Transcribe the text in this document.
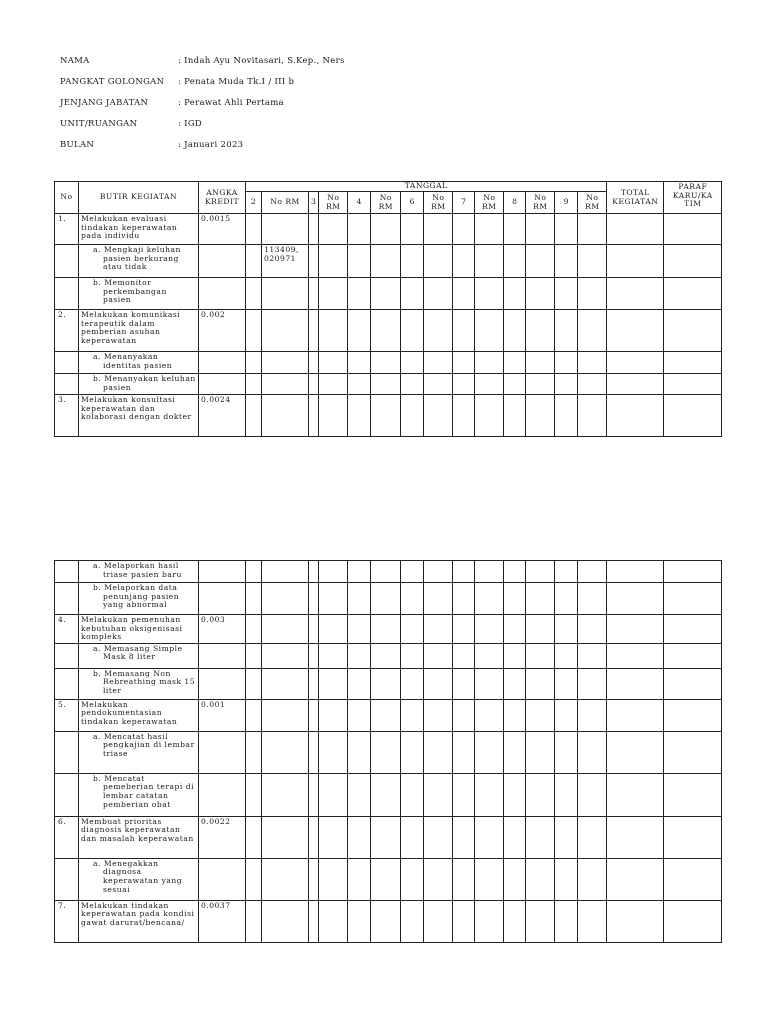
NAMA	: Indah Ayu Novitasari, S.Kep., Ners
PANGKAT GOLONGAN : Penata Muda Tk.I / III b
JENJANG JABATAN	: Perawat Ahli Pertama
UNIT/RUANGAN	: IGD
BULAN	: Januari 2023
No	BUTIR KEGIATAN	ANGKA KREDIT	TANGGAL														TOTAL KEGIATAN	PARAF KARU/KA TIM
			2	No RM	3	No RM	4	No RM	6	No RM	7	No RM	8	No RM	9	No RM		
1.	Melakukan evaluasi tindakan keperawatan pada individu	0.0015																

	a. Mengkaji keluhan pasien berkurang atau tidak			113409, 020971														

	b. Memonitor perkembangan pasien																	

2.	Melakukan komunikasi terapeutik dalam pemberian asuhan keperawatan	0.002																

	a. Menanyakan identitas pasien																	

	b. Menanyakan keluhan pasien																	

3.	Melakukan konsultasi keperawatan dan kolaborasi dengan dokter	0.0024																

	a. Melaporkan hasil triase pasien baru																	

	b. Melaporkan data penunjang pasien yang abnormal																	

4.	Melakukan pemenuhan kebutuhan oksigenisasi kompleks	0.003																

	a. Memasang Simple Mask 8 liter																	

	b. Memasang Non Rebreathing mask 15 liter																	

5.	Melakukan pendokumentasian tindakan keperawatan	0.001																

	a. Mencatat hasil pengkajian di lembar triase																	

	b. Mencatat pemeberian terapi di lembar catatan pemberian obat																	

6.	Membuat prioritas diagnosis keperawatan dan masalah keperawatan	0.0022																

	a. Menegakkan diagnosa keperawatan yang sesuai																	

7.	Melakukan tindakan keperawatan pada kondisi gawat darurat/bencana/	0.0037																
